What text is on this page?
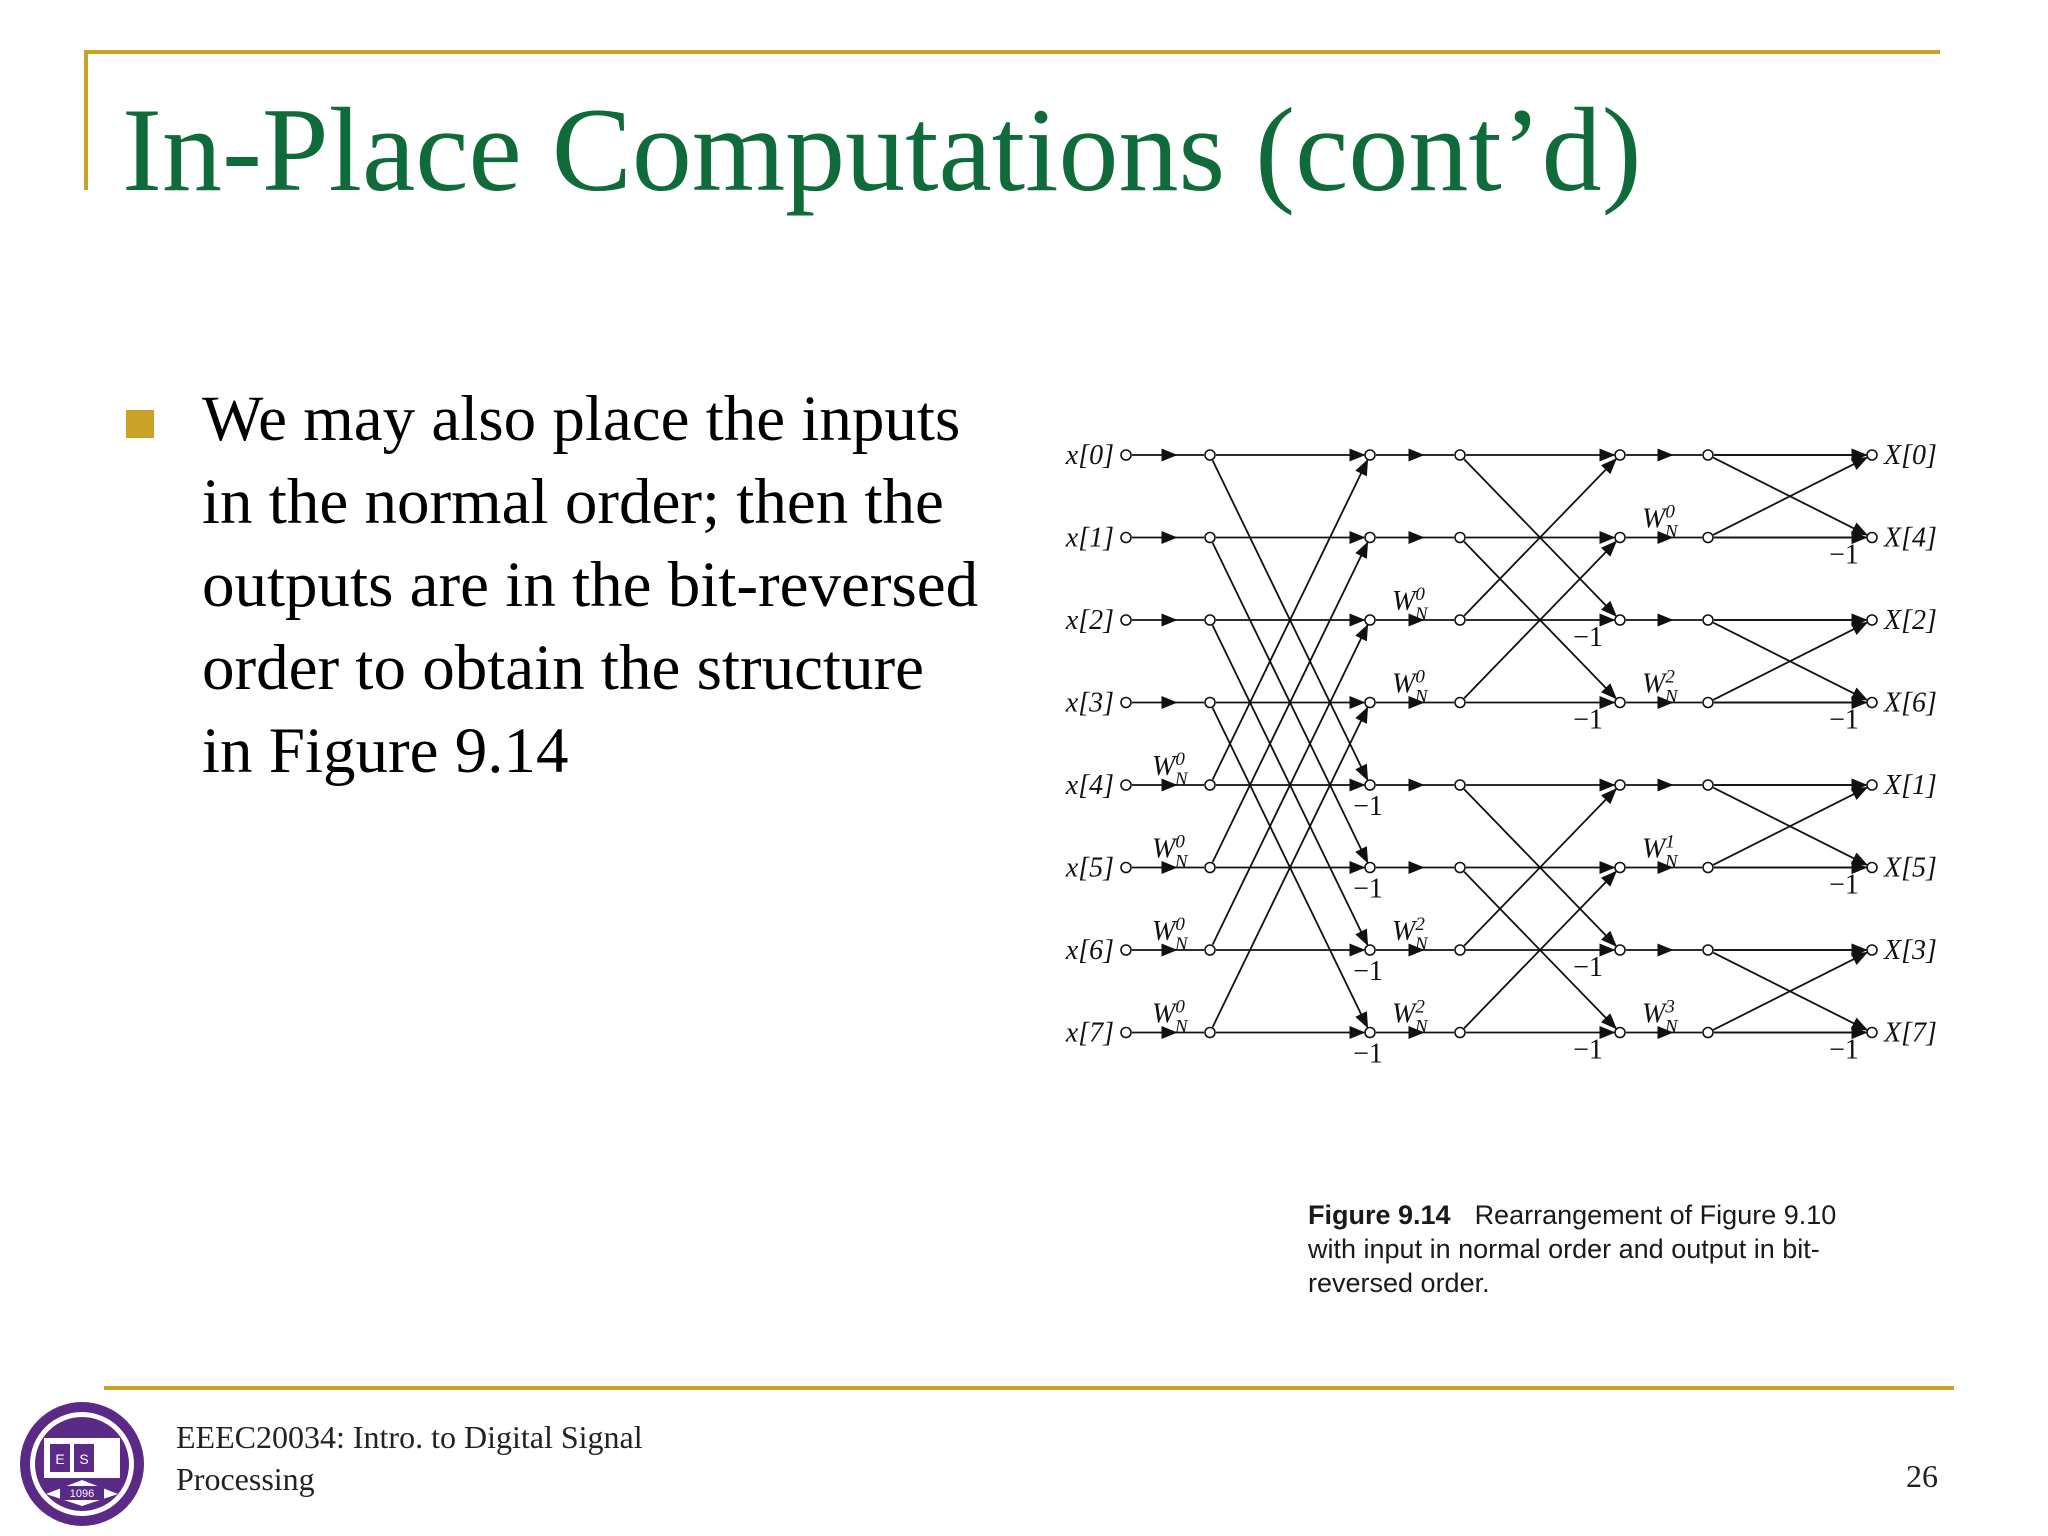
In-Place Computations (cont’d)

We may also place the inputs in the normal order; then the outputs are in the bit-reversed order to obtain the structure in Figure 9.14

x[0]
x[1]
x[2]
x[3]
x[4]
x[5]
x[6]
x[7]
X[0]
X[4]
X[2]
X[6]
X[1]
X[5]
X[3]
X[7]
$W^0$ N
$W^0$ N
$W^0$ N
$W^0$ N
$W^0$ N
$W^0$ N
$W^2$ N
$W^2$ N
$W^0$ N
$W^2$ N
$W^1$ N
$W^3$ N
−1
−1
−1
−1
−1
−1
−1
−1
−1
−1
−1
−1
Figure 9.14 Rearrangement of Figure 9.10 with input in normal order and output in bit-reversed order.
E S
1096
EEEC20034: Intro. to Digital Signal Processing	26
